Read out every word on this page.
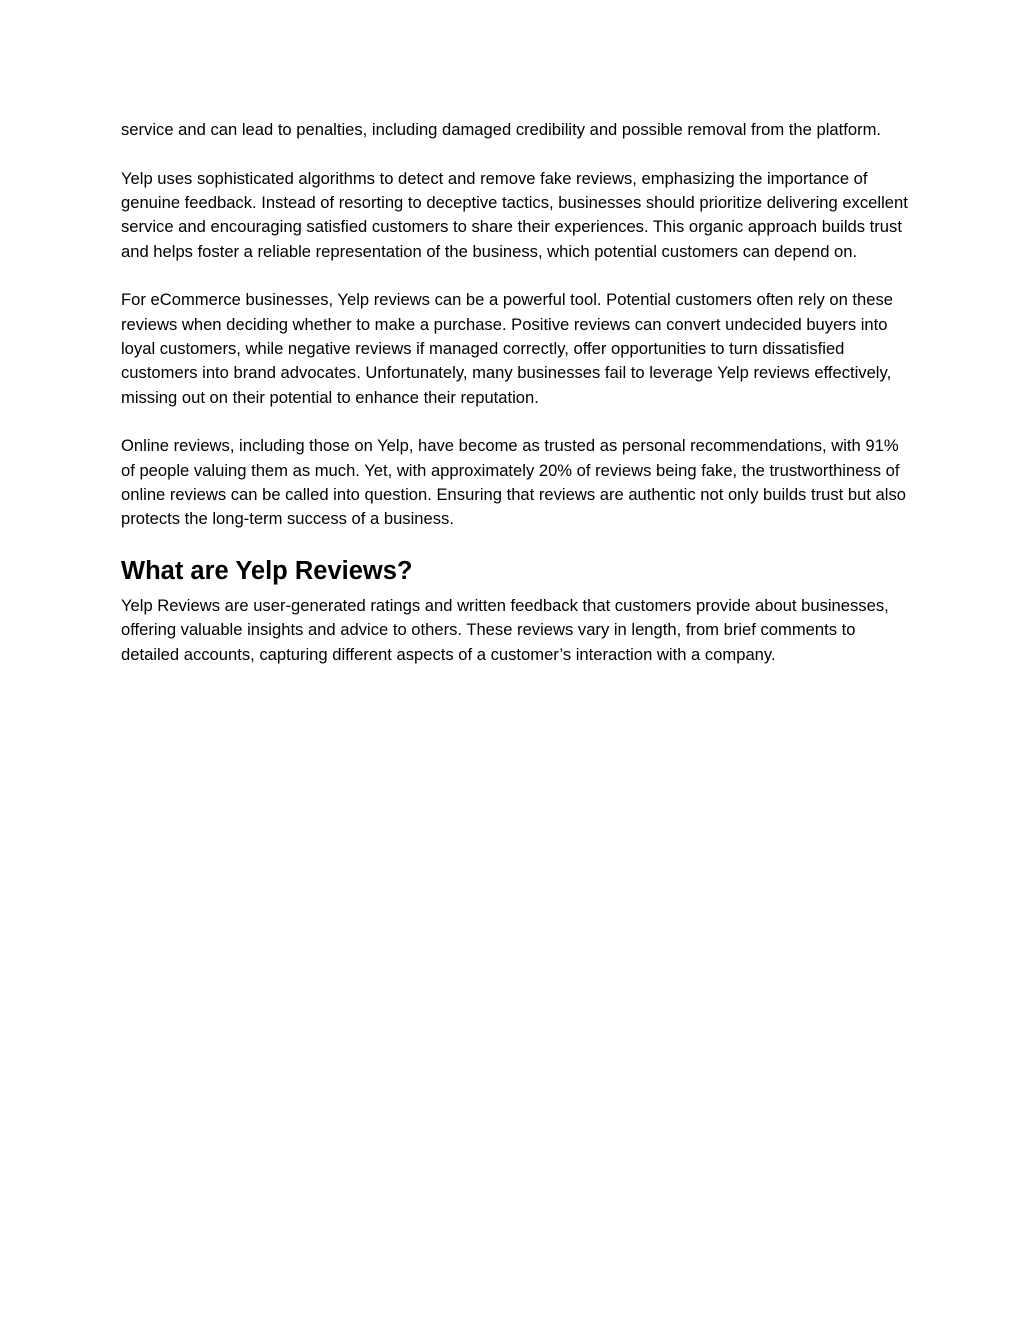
service and can lead to penalties, including damaged credibility and possible removal from the platform.

Yelp uses sophisticated algorithms to detect and remove fake reviews, emphasizing the importance of genuine feedback. Instead of resorting to deceptive tactics, businesses should prioritize delivering excellent service and encouraging satisfied customers to share their experiences. This organic approach builds trust and helps foster a reliable representation of the business, which potential customers can depend on.

For eCommerce businesses, Yelp reviews can be a powerful tool. Potential customers often rely on these reviews when deciding whether to make a purchase. Positive reviews can convert undecided buyers into loyal customers, while negative reviews if managed correctly, offer opportunities to turn dissatisfied customers into brand advocates. Unfortunately, many businesses fail to leverage Yelp reviews effectively, missing out on their potential to enhance their reputation.

Online reviews, including those on Yelp, have become as trusted as personal recommendations, with 91% of people valuing them as much. Yet, with approximately 20% of reviews being fake, the trustworthiness of online reviews can be called into question. Ensuring that reviews are authentic not only builds trust but also protects the long-term success of a business.

What are Yelp Reviews?

Yelp Reviews are user-generated ratings and written feedback that customers provide about businesses, offering valuable insights and advice to others. These reviews vary in length, from brief comments to detailed accounts, capturing different aspects of a customer’s interaction with a company.
